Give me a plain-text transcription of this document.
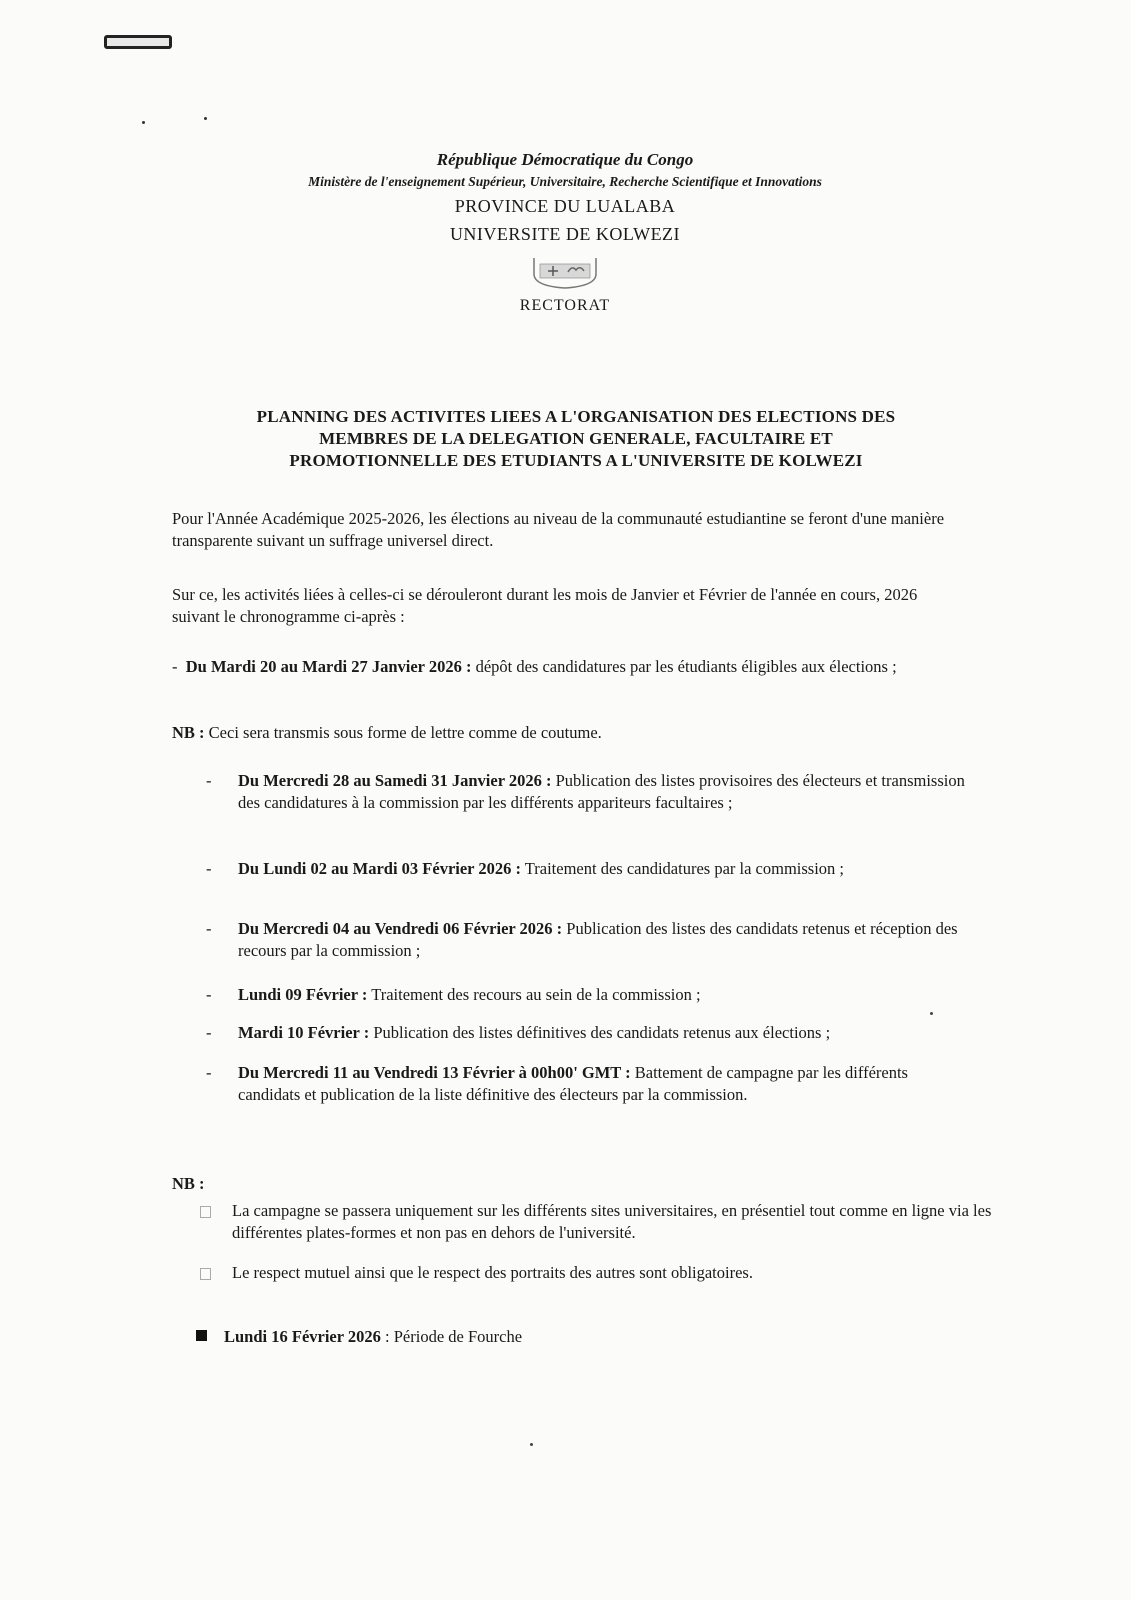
République Démocratique du Congo
Ministère de l'enseignement Supérieur, Universitaire, Recherche Scientifique et Innovations
PROVINCE DU LUALABA
UNIVERSITE DE KOLWEZI
RECTORAT
PLANNING DES ACTIVITES LIEES A L'ORGANISATION DES ELECTIONS DES
MEMBRES DE LA DELEGATION GENERALE, FACULTAIRE ET
PROMOTIONNELLE DES ETUDIANTS A L'UNIVERSITE DE KOLWEZI
Pour l'Année Académique 2025-2026, les élections au niveau de la communauté estudiantine se feront d'une manière transparente suivant un suffrage universel direct.
Sur ce, les activités liées à celles-ci se dérouleront durant les mois de Janvier et Février de l'année en cours, 2026 suivant le chronogramme ci-après :
-  Du Mardi 20 au Mardi 27 Janvier 2026 : dépôt des candidatures par les étudiants éligibles aux élections ;
NB : Ceci sera transmis sous forme de lettre comme de coutume.
- Du Mercredi 28 au Samedi 31 Janvier 2026 : Publication des listes provisoires des électeurs et transmission des candidatures à la commission par les différents appariteurs facultaires ;
- Du Lundi 02 au Mardi 03 Février 2026 : Traitement des candidatures par la commission ;
- Du Mercredi 04 au Vendredi 06 Février 2026 : Publication des listes des candidats retenus et réception des recours par la commission ;
- Lundi 09 Février : Traitement des recours au sein de la commission ;
- Mardi 10 Février : Publication des listes définitives des candidats retenus aux élections ;
- Du Mercredi 11 au Vendredi 13 Février à 00h00' GMT : Battement de campagne par les différents candidats et publication de la liste définitive des électeurs par la commission.
NB :
La campagne se passera uniquement sur les différents sites universitaires, en présentiel tout comme en ligne via les différentes plates-formes et non pas en dehors de l'université.
Le respect mutuel ainsi que le respect des portraits des autres sont obligatoires.
Lundi 16 Février 2026 : Période de Fourche
